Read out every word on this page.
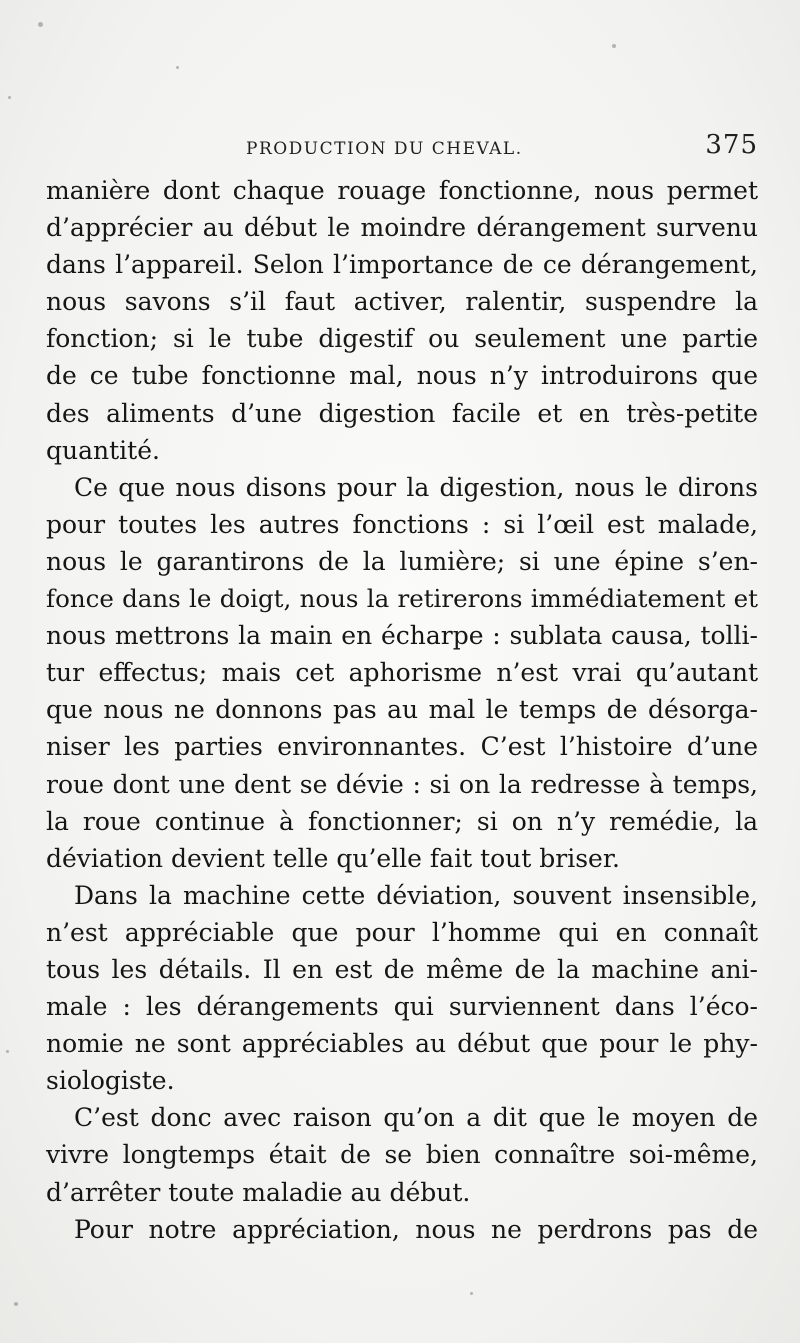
PRODUCTION DU CHEVAL.	375
manière dont chaque rouage fonctionne, nous permet
d’apprécier au début le moindre dérangement survenu
dans l’appareil. Selon l’importance de ce dérangement,
nous savons s’il faut activer, ralentir, suspendre la
fonction; si le tube digestif ou seulement une partie
de ce tube fonctionne mal, nous n’y introduirons que
des aliments d’une digestion facile et en très-petite
quantité.
Ce que nous disons pour la digestion, nous le dirons
pour toutes les autres fonctions : si l’œil est malade,
nous le garantirons de la lumière; si une épine s’en-
fonce dans le doigt, nous la retirerons immédiatement et
nous mettrons la main en écharpe : sublata causa, tolli-
tur effectus; mais cet aphorisme n’est vrai qu’autant
que nous ne donnons pas au mal le temps de désorga-
niser les parties environnantes. C’est l’histoire d’une
roue dont une dent se dévie : si on la redresse à temps,
la roue continue à fonctionner; si on n’y remédie, la
déviation devient telle qu’elle fait tout briser.
Dans la machine cette déviation, souvent insensible,
n’est appréciable que pour l’homme qui en connaît
tous les détails. Il en est de même de la machine ani-
male : les dérangements qui surviennent dans l’éco-
nomie ne sont appréciables au début que pour le phy-
siologiste.
C’est donc avec raison qu’on a dit que le moyen de
vivre longtemps était de se bien connaître soi-même,
d’arrêter toute maladie au début.
Pour notre appréciation, nous ne perdrons pas de
